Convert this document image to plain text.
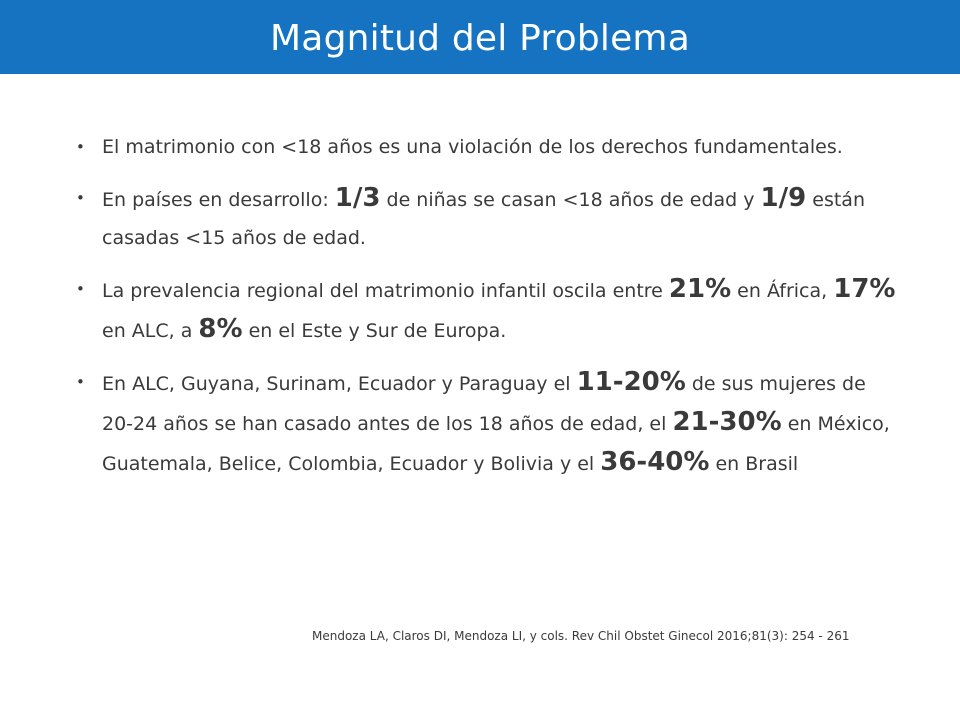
Magnitud del Problema
• El matrimonio con <18 años es una violación de los derechos fundamentales.
• En países en desarrollo: 1/3 de niñas se casan <18 años de edad y 1/9 están casadas <15 años de edad.
• La prevalencia regional del matrimonio infantil oscila entre 21% en África, 17% en ALC, a 8% en el Este y Sur de Europa.
• En ALC, Guyana, Surinam, Ecuador y Paraguay el 11-20% de sus mujeres de 20-24 años se han casado antes de los 18 años de edad, el 21-30% en México, Guatemala, Belice, Colombia, Ecuador y Bolivia y el 36-40% en Brasil
Mendoza LA, Claros DI, Mendoza LI, y cols. Rev Chil Obstet Ginecol 2016;81(3): 254 - 261
